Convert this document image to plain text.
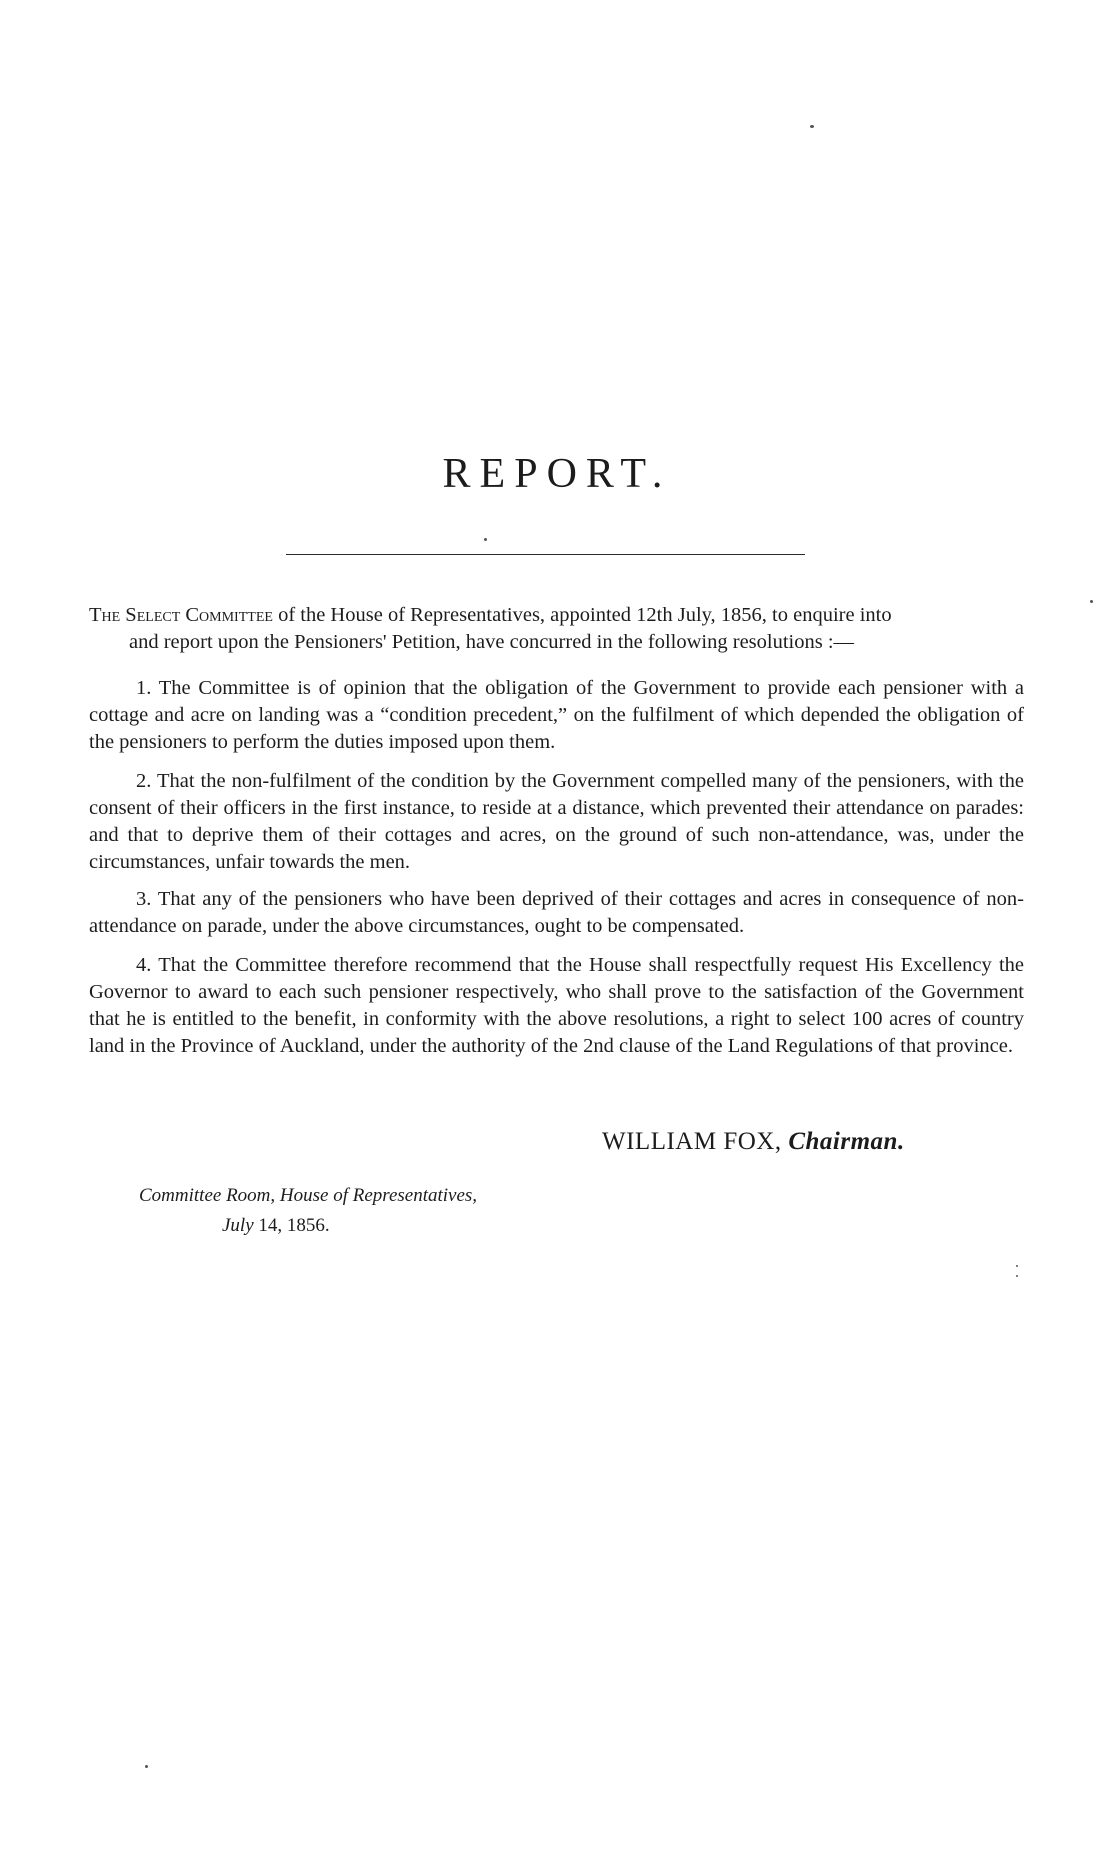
REPORT.

The Select Committee of the House of Representatives, appointed 12th July, 1856, to enquire into
and report upon the Pensioners' Petition, have concurred in the following resolutions :—

1. The Committee is of opinion that the obligation of the Government to provide each pensioner with a cottage and acre on landing was a “condition precedent,” on the fulfilment of which depended the obligation of the pensioners to perform the duties imposed upon them.

2. That the non-fulfilment of the condition by the Government compelled many of the pensioners, with the consent of their officers in the first instance, to reside at a distance, which prevented their attendance on parades: and that to deprive them of their cottages and acres, on the ground of such non-attendance, was, under the circumstances, unfair towards the men.

3. That any of the pensioners who have been deprived of their cottages and acres in consequence of non-attendance on parade, under the above circumstances, ought to be compensated.

4. That the Committee therefore recommend that the House shall respectfully request His Excellency the Governor to award to each such pensioner respectively, who shall prove to the satisfaction of the Government that he is entitled to the benefit, in conformity with the above resolutions, a right to select 100 acres of country land in the Province of Auckland, under the authority of the 2nd clause of the Land Regulations of that province.

WILLIAM FOX, Chairman.

Committee Room, House of Representatives,

July 14, 1856.
